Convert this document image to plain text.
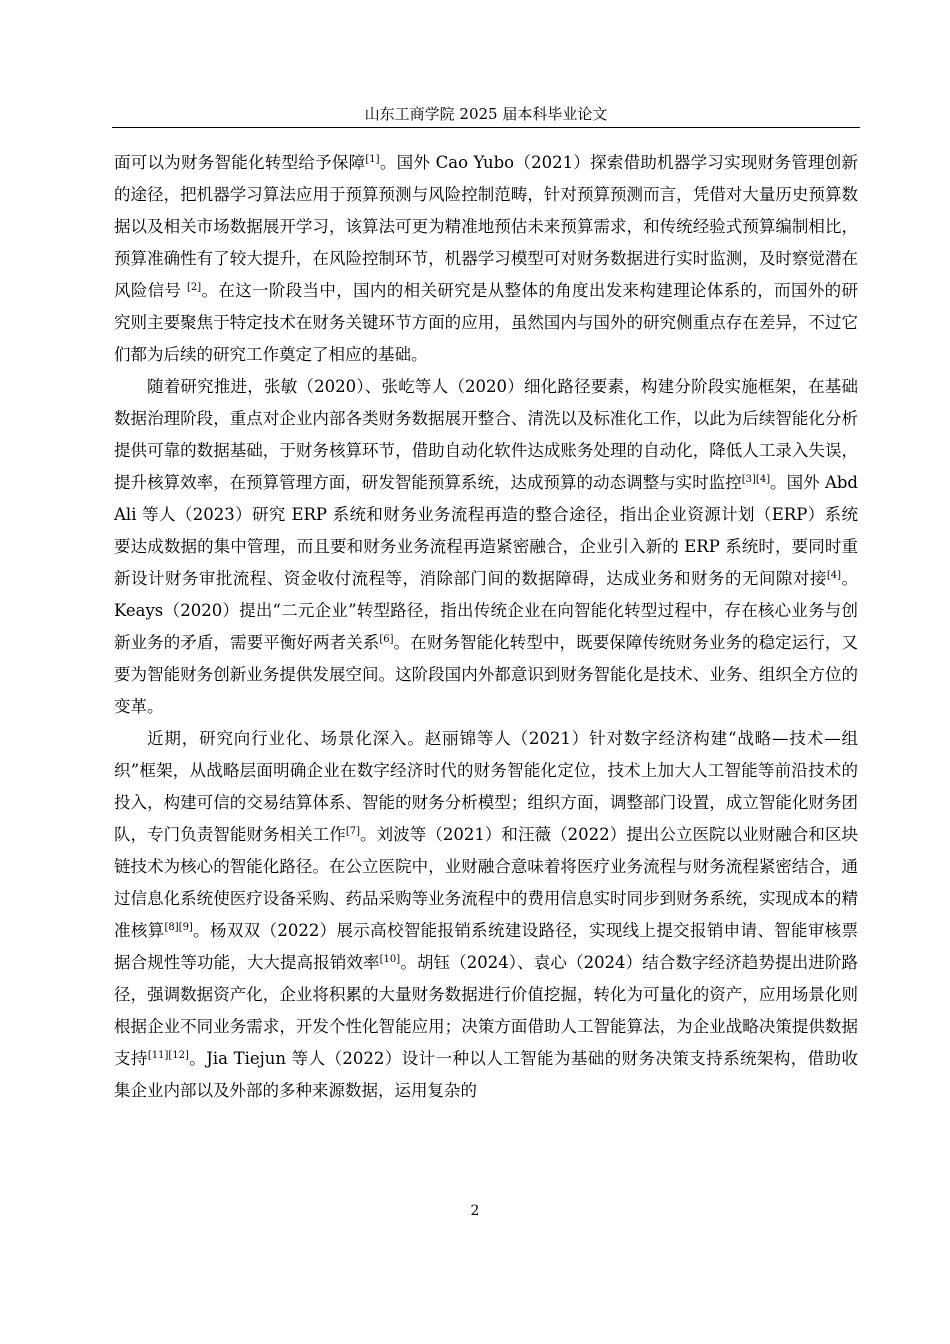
山东工商学院 2025 届本科毕业论文

面可以为财务智能化转型给予保障[1]。国外 Cao Yubo（2021）探索借助机器学习实现财务管理创新的途径，把机器学习算法应用于预算预测与风险控制范畴，针对预算预测而言，凭借对大量历史预算数据以及相关市场数据展开学习，该算法可更为精准地预估未来预算需求，和传统经验式预算编制相比，预算准确性有了较大提升，在风险控制环节，机器学习模型可对财务数据进行实时监测，及时察觉潜在风险信号 [2]。在这一阶段当中，国内的相关研究是从整体的角度出发来构建理论体系的，而国外的研究则主要聚焦于特定技术在财务关键环节方面的应用，虽然国内与国外的研究侧重点存在差异，不过它们都为后续的研究工作奠定了相应的基础。

随着研究推进，张敏（2020）、张屹等人（2020）细化路径要素，构建分阶段实施框架，在基础数据治理阶段，重点对企业内部各类财务数据展开整合、清洗以及标准化工作，以此为后续智能化分析提供可靠的数据基础，于财务核算环节，借助自动化软件达成账务处理的自动化，降低人工录入失误，提升核算效率，在预算管理方面，研发智能预算系统，达成预算的动态调整与实时监控[3][4]。国外 Abd Ali 等人（2023）研究 ERP 系统和财务业务流程再造的整合途径，指出企业资源计划（ERP）系统要达成数据的集中管理，而且要和财务业务流程再造紧密融合，企业引入新的 ERP 系统时，要同时重新设计财务审批流程、资金收付流程等，消除部门间的数据障碍，达成业务和财务的无间隙对接[4]。Keays（2020）提出“二元企业”转型路径，指出传统企业在向智能化转型过程中，存在核心业务与创新业务的矛盾，需要平衡好两者关系[6]。在财务智能化转型中，既要保障传统财务业务的稳定运行，又要为智能财务创新业务提供发展空间。这阶段国内外都意识到财务智能化是技术、业务、组织全方位的变革。

近期，研究向行业化、场景化深入。赵丽锦等人（2021）针对数字经济构建“战略—技术—组织”框架，从战略层面明确企业在数字经济时代的财务智能化定位，技术上加大人工智能等前沿技术的投入，构建可信的交易结算体系、智能的财务分析模型；组织方面，调整部门设置，成立智能化财务团队，专门负责智能财务相关工作[7]。刘波等（2021）和汪薇（2022）提出公立医院以业财融合和区块链技术为核心的智能化路径。在公立医院中，业财融合意味着将医疗业务流程与财务流程紧密结合，通过信息化系统使医疗设备采购、药品采购等业务流程中的费用信息实时同步到财务系统，实现成本的精准核算[8][9]。杨双双（2022）展示高校智能报销系统建设路径，实现线上提交报销申请、智能审核票据合规性等功能，大大提高报销效率[10]。胡钰（2024）、袁心（2024）结合数字经济趋势提出进阶路径，强调数据资产化，企业将积累的大量财务数据进行价值挖掘，转化为可量化的资产，应用场景化则根据企业不同业务需求，开发个性化智能应用；决策方面借助人工智能算法，为企业战略决策提供数据支持[11][12]。Jia Tiejun 等人（2022）设计一种以人工智能为基础的财务决策支持系统架构，借助收集企业内部以及外部的多种来源数据，运用复杂的

2
